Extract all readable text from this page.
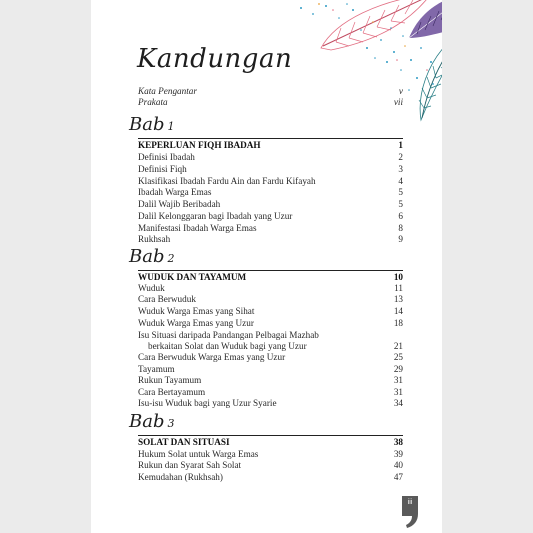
Kandungan
Kata Pengantar	v
Prakata	vii
Bab 1
KEPERLUAN FIQH IBADAH	1
Definisi Ibadah	2
Definisi Fiqh	3
Klasifikasi Ibadah Fardu Ain dan Fardu Kifayah	4
Ibadah Warga Emas	5
Dalil Wajib Beribadah	5
Dalil Kelonggaran bagi Ibadah yang Uzur	6
Manifestasi Ibadah Warga Emas	8
Rukhsah	9
Bab 2
WUDUK DAN TAYAMUM	10
Wuduk	11
Cara Berwuduk	13
Wuduk Warga Emas yang Sihat	14
Wuduk Warga Emas yang Uzur	18
Isu Situasi daripada Pandangan Pelbagai Mazhab
berkaitan Solat dan Wuduk bagi yang Uzur	21
Cara Berwuduk Warga Emas yang Uzur	25
Tayamum	29
Rukun Tayamum	31
Cara Bertayamum	31
Isu-isu Wuduk bagi yang Uzur Syarie	34
Bab 3
SOLAT DAN SITUASI	38
Hukum Solat untuk Warga Emas	39
Rukun dan Syarat Sah Solat	40
Kemudahan (Rukhsah)	47
iii
